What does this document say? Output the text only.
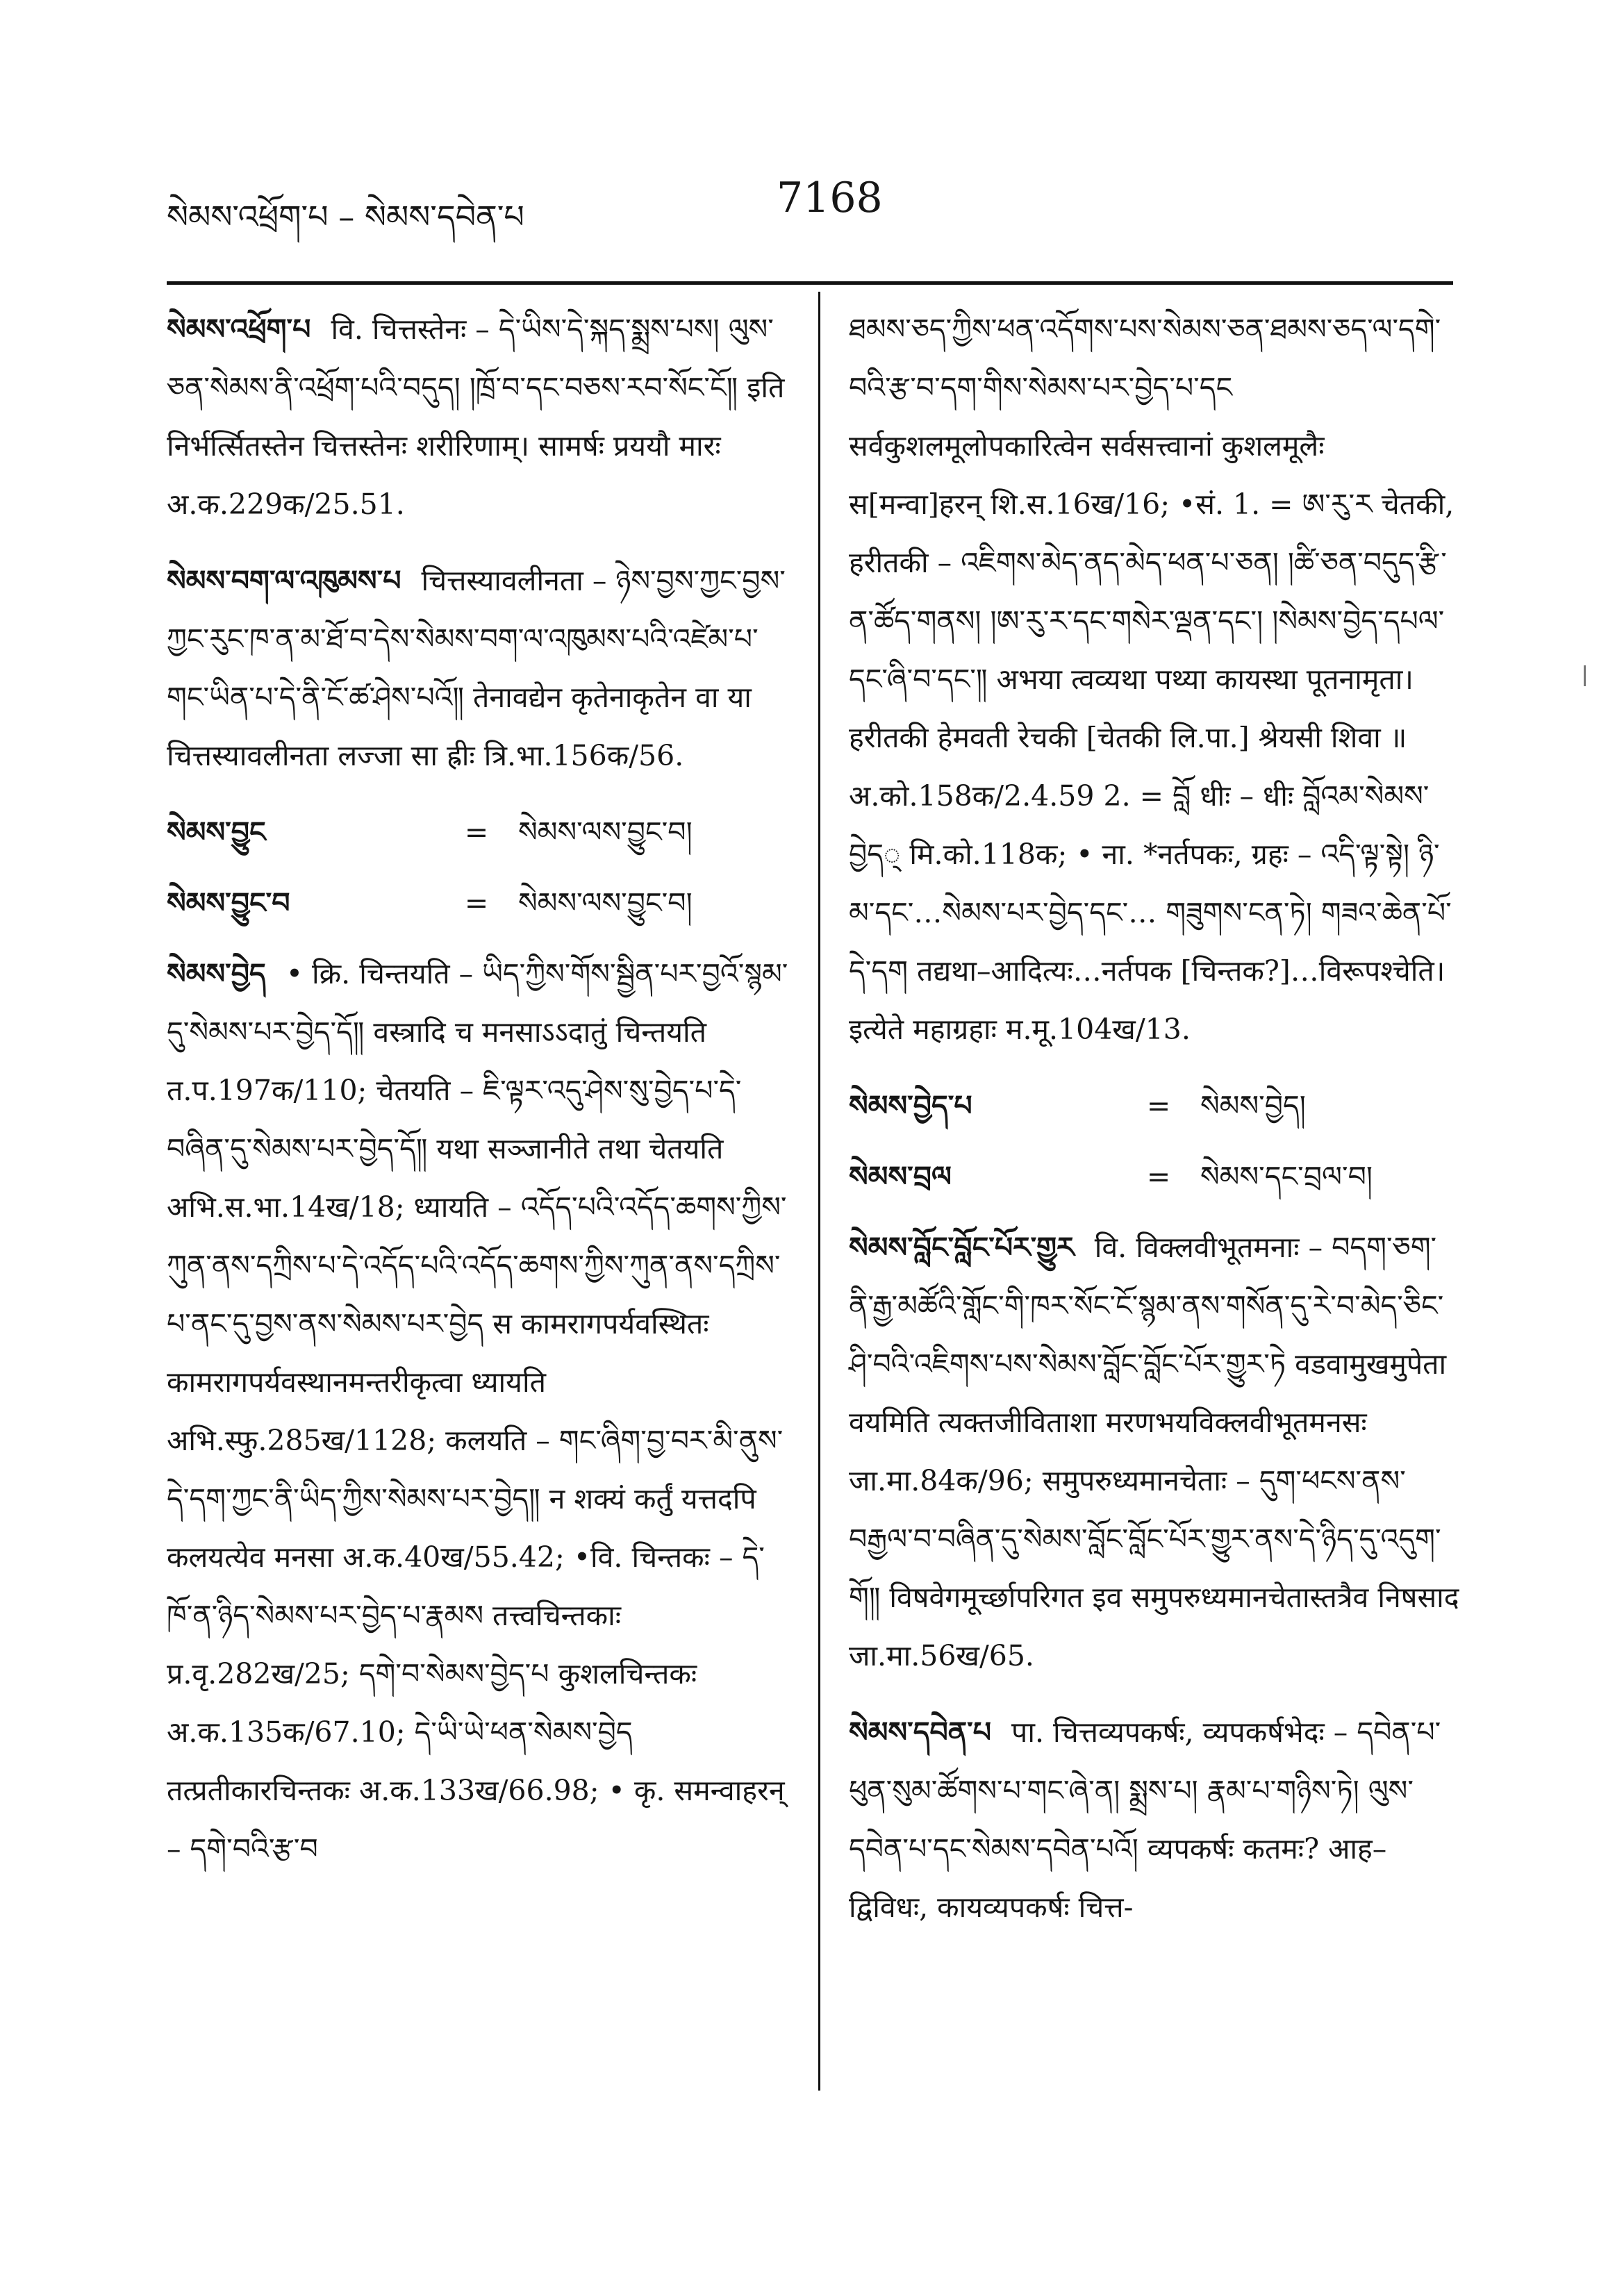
སེམས་འཕྲོག་པ – སེམས་དབེན་པ	7168
སེམས་འཕྲོག་པ वि. चित्तस्तेनः – དེ་ཡིས་དེ་སྐད་སྨྲས་པས། ལུས་ཅན་སེམས་ནི་འཕྲོག་པའི་བདུད། །ཁྲོ་བ་དང་བཅས་རབ་སོང་ངོ༎ इति निर्भर्त्सितस्तेन चित्तस्तेनः शरीरिणाम्। सामर्षः प्रययौ मारः अ.क.229क/25.51.
སེམས་བག་ལ་འཁུམས་པ चित्तस्यावलीनता – ཉེས་བྱས་ཀྱང་བྱས་ཀྱང་རུང་ཁ་ན་མ་ཐོ་བ་དེས་སེམས་བག་ལ་འཁུམས་པའི་འཛེམ་པ་གང་ཡིན་པ་དེ་ནི་ངོ་ཚ་ཤེས་པའོ༎ तेनावद्येन कृतेनाकृतेन वा या चित्तस्यावलीनता लज्जा सा ह्रीः त्रि.भा.156क/56.
སེམས་བྱུང	=	སེམས་ལས་བྱུང་བ།
སེམས་བྱུང་བ	=	སེམས་ལས་བྱུང་བ།
སེམས་བྱེད • क्रि. चिन्तयति – ཡིད་ཀྱིས་གོས་སྦྱིན་པར་བྱའོ་སྙམ་དུ་སེམས་པར་བྱེད་དོ༎ वस्त्रादि च मनसाऽऽदातुं चिन्तयति त.प.197क/110; चेतयति – ཇི་ལྟར་འདུ་ཤེས་སུ་བྱེད་པ་དེ་བཞིན་དུ་སེམས་པར་བྱེད་དོ༎ यथा सञ्जानीते तथा चेतयति अभि.स.भा.14ख/18; ध्यायति – འདོད་པའི་འདོད་ཆགས་ཀྱིས་ཀུན་ནས་དཀྲིས་པ་དེ་འདོད་པའི་འདོད་ཆགས་ཀྱིས་ཀུན་ནས་དཀྲིས་པ་ནང་དུ་བྱས་ནས་སེམས་པར་བྱེད स कामरागपर्यवस्थितः कामरागपर्यवस्थानमन्तरीकृत्वा ध्यायति अभि.स्फु.285ख/1128; कलयति – གང་ཞིག་བྱ་བར་མི་ནུས་དེ་དག་ཀྱང་ནི་ཡིད་ཀྱིས་སེམས་པར་བྱེད༎ न शक्यं कर्तुं यत्तदपि कलयत्येव मनसा अ.क.40ख/55.42; •वि. चिन्तकः – དེ་ཁོ་ན་ཉིད་སེམས་པར་བྱེད་པ་རྣམས तत्त्वचिन्तकाः प्र.वृ.282ख/25; དགེ་བ་སེམས་བྱེད་པ कुशलचिन्तकः अ.क.135क/67.10; དེ་ཡི་ཡེ་ཕན་སེམས་བྱེད तत्प्रतीकारचिन्तकः अ.क.133ख/66.98; • कृ. समन्वाहरन् – དགེ་བའི་རྩ་བ
ཐམས་ཅད་ཀྱིས་ཕན་འདོགས་པས་སེམས་ཅན་ཐམས་ཅད་ལ་དགེ་བའི་རྩ་བ་དག་གིས་སེམས་པར་བྱེད་པ་དང सर्वकुशलमूलोपकारित्वेन सर्वसत्त्वानां कुशलमूलैः स[मन्वा]हरन् शि.स.16ख/16; •सं. 1. = ཨ་རུ་ར चेतकी, हरीतकी – འཇིགས་མེད་ནད་མེད་ཕན་པ་ཅན། །ཚི་ཅན་བདུད་རྩི་ན་ཚོད་གནས། །ཨ་རུ་ར་དང་གསེར་ལྡན་དང་། །སེམས་བྱེད་དཔལ་དང་ཞི་བ་དང་༎ अभया त्वव्यथा पथ्या कायस्था पूतनामृता। हरीतकी हेमवती रेचकी [चेतकी लि.पा.] श्रेयसी शिवा ॥ अ.को.158क/2.4.59 2. = བློ धीः – धीः བློའམ་སེམས་བྱེད् मि.को.118क; • ना. *नर्तपकः, ग्रहः – འདི་ལྟ་སྟེ། ཉི་མ་དང་…སེམས་པར་བྱེད་དང་… གཟུགས་ངན་ཏེ། གཟའ་ཆེན་པོ་དེ་དག तद्यथा–आदित्यः…नर्तपक [चिन्तक?]…विरूपश्चेति। इत्येते महाग्रहाः म.मू.104ख/13.
སེམས་བྱེད་པ	=	སེམས་བྱེད།
སེམས་བྲལ	=	སེམས་དང་བྲལ་བ།
སེམས་བློང་བློང་པོར་གྱུར वि. विक्लवीभूतमनाः – བདག་ཅག་ནི་རྒྱ་མཚོའི་གློང་གི་ཁར་སོང་ངོ་སྙམ་ནས་གསོན་དུ་རེ་བ་མེད་ཅིང་ཤི་བའི་འཇིགས་པས་སེམས་བློང་བློང་པོར་གྱུར་ཏེ वडवामुखमुपेता वयमिति त्यक्तजीविताशा मरणभयविक्लवीभूतमनसः जा.मा.84क/96; समुपरुध्यमानचेताः – དུག་ཕངས་ནས་བརྒྱལ་བ་བཞིན་དུ་སེམས་བློང་བློང་པོར་གྱུར་ནས་དེ་ཉིད་དུ་འདུག་གོ༎ विषवेगमूर्च्छापरिगत इव समुपरुध्यमानचेतास्तत्रैव निषसाद जा.मा.56ख/65.
སེམས་དབེན་པ पा. चित्तव्यपकर्षः, व्यपकर्षभेदः – དབེན་པ་ཕུན་སུམ་ཚོགས་པ་གང་ཞེ་ན། སྨྲས་པ། རྣམ་པ་གཉིས་ཏེ། ལུས་དབེན་པ་དང་སེམས་དབེན་པའོ། व्यपकर्षः कतमः? आह–द्विविधः, कायव्यपकर्षः चित्त-
